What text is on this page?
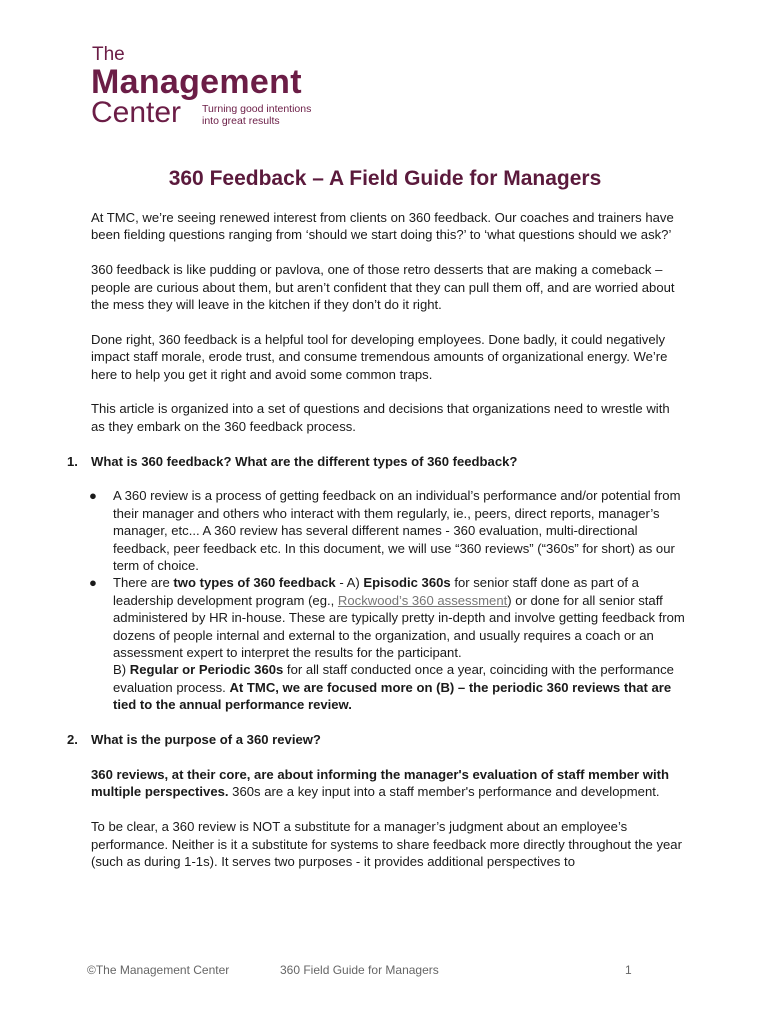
The
Management
Center Turning good intentions
into great results
360 Feedback – A Field Guide for Managers

At TMC, we’re seeing renewed interest from clients on 360 feedback. Our coaches and trainers have been fielding questions ranging from ‘should we start doing this?’ to ‘what questions should we ask?’

360 feedback is like pudding or pavlova, one of those retro desserts that are making a comeback – people are curious about them, but aren’t confident that they can pull them off, and are worried about the mess they will leave in the kitchen if they don’t do it right.

Done right, 360 feedback is a helpful tool for developing employees. Done badly, it could negatively impact staff morale, erode trust, and consume tremendous amounts of organizational energy. We’re here to help you get it right and avoid some common traps.

This article is organized into a set of questions and decisions that organizations need to wrestle with as they embark on the 360 feedback process.

1. What is 360 feedback? What are the different types of 360 feedback?
● A 360 review is a process of getting feedback on an individual’s performance and/or potential from their manager and others who interact with them regularly, ie., peers, direct reports, manager’s manager, etc... A 360 review has several different names - 360 evaluation, multi-directional feedback, peer feedback etc. In this document, we will use “360 reviews” (“360s” for short) as our term of choice.
● There are two types of 360 feedback - A) Episodic 360s for senior staff done as part of a leadership development program (eg., Rockwood’s 360 assessment) or done for all senior staff administered by HR in-house. These are typically pretty in-depth and involve getting feedback from dozens of people internal and external to the organization, and usually requires a coach or an assessment expert to interpret the results for the participant.
B) Regular or Periodic 360s for all staff conducted once a year, coinciding with the performance evaluation process. At TMC, we are focused more on (B) – the periodic 360 reviews that are tied to the annual performance review.
2. What is the purpose of a 360 review?

360 reviews, at their core, are about informing the manager's evaluation of staff member with multiple perspectives. 360s are a key input into a staff member's performance and development.

To be clear, a 360 review is NOT a substitute for a manager’s judgment about an employee’s performance. Neither is it a substitute for systems to share feedback more directly throughout the year (such as during 1-1s). It serves two purposes - it provides additional perspectives to

©The Management Center	360 Field Guide for Managers	1
